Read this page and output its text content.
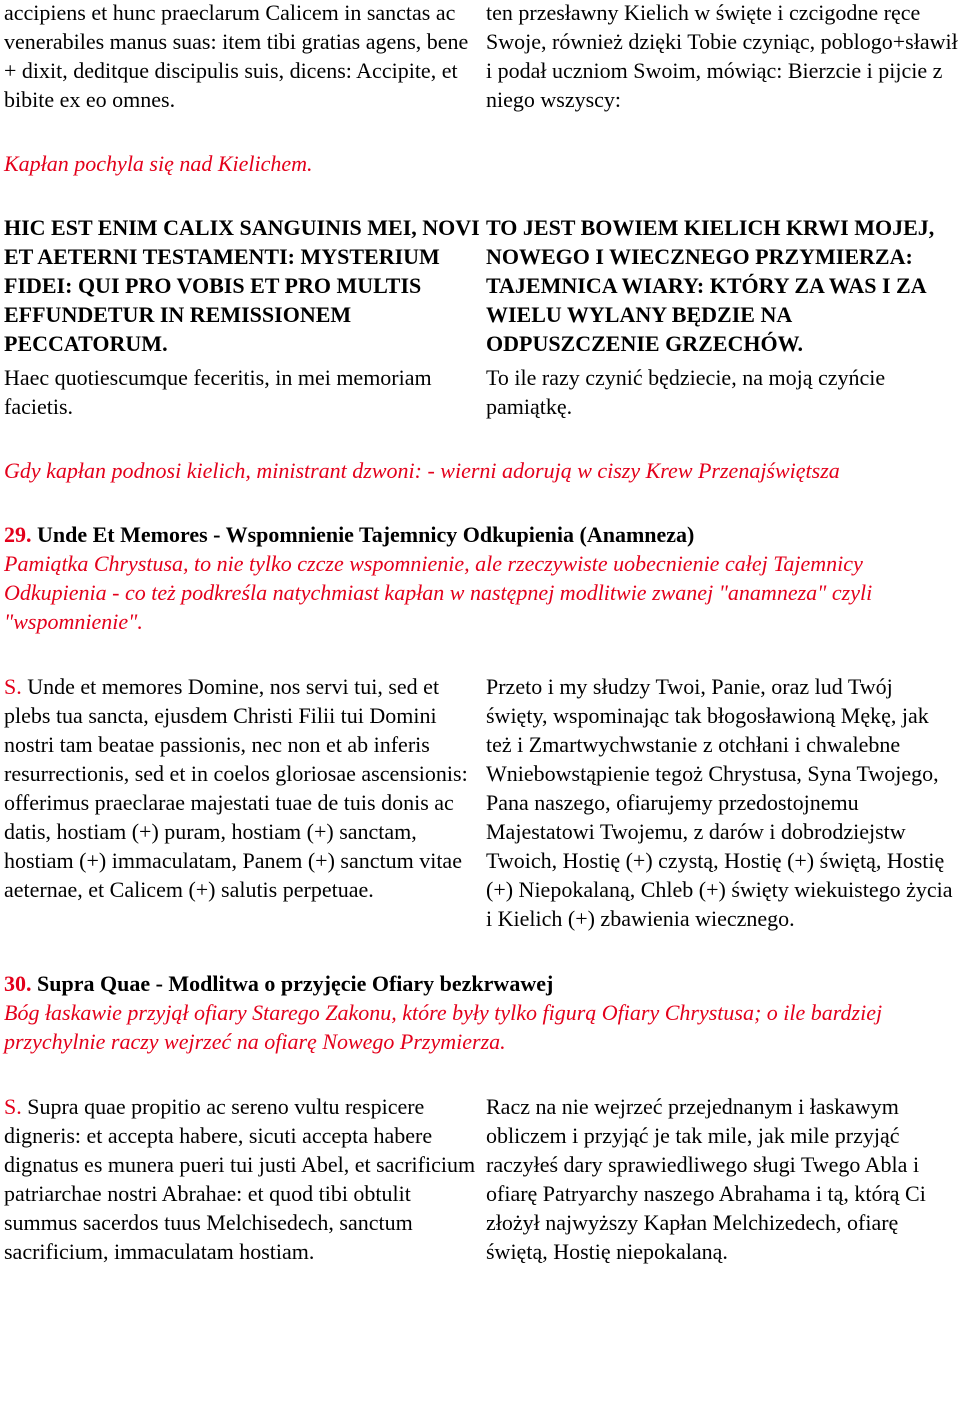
accipiens et hunc praeclarum Calicem in sanctas ac venerabiles manus suas: item tibi gratias agens, bene + dixit, deditque discipulis suis, dicens: Accipite, et bibite ex eo omnes.

ten przesławny Kielich w święte i czcigodne ręce Swoje, również dzięki Tobie czyniąc, poblogo+sławił i podał uczniom Swoim, mówiąc: Bierzcie i pijcie z niego wszyscy:

Kapłan pochyla się nad Kielichem.

HIC EST ENIM CALIX SANGUINIS MEI, NOVI ET AETERNI TESTAMENTI: MYSTERIUM FIDEI: QUI PRO VOBIS ET PRO MULTIS EFFUNDETUR IN REMISSIONEM PECCATORUM.

TO JEST BOWIEM KIELICH KRWI MOJEJ, NOWEGO I WIECZNEGO PRZYMIERZA: TAJEMNICA WIARY: KTÓRY ZA WAS I ZA WIELU WYLANY BĘDZIE NA ODPUSZCZENIE GRZECHÓW.

Haec quotiescumque feceritis, in mei memoriam facietis.

To ile razy czynić będziecie, na moją czyńcie pamiątkę.

Gdy kapłan podnosi kielich, ministrant dzwoni: - wierni adorują w ciszy Krew Przenajświętsza

29. Unde Et Memores - Wspomnienie Tajemnicy Odkupienia (Anamneza)

Pamiątka Chrystusa, to nie tylko czcze wspomnienie, ale rzeczywiste uobecnienie całej Tajemnicy Odkupienia - co też podkreśla natychmiast kapłan w następnej modlitwie zwanej "anamneza" czyli "wspomnienie".

S. Unde et memores Domine, nos servi tui, sed et plebs tua sancta, ejusdem Christi Filii tui Domini nostri tam beatae passionis, nec non et ab inferis resurrectionis, sed et in coelos gloriosae ascensionis: offerimus praeclarae majestati tuae de tuis donis ac datis, hostiam (+) puram, hostiam (+) sanctam, hostiam (+) immaculatam, Panem (+) sanctum vitae aeternae, et Calicem (+) salutis perpetuae.

Przeto i my słudzy Twoi, Panie, oraz lud Twój święty, wspominając tak błogosławioną Mękę, jak też i Zmartwychwstanie z otchłani i chwalebne Wniebowstąpienie tegoż Chrystusa, Syna Twojego, Pana naszego, ofiarujemy przedostojnemu Majestatowi Twojemu, z darów i dobrodziejstw Twoich, Hostię (+) czystą, Hostię (+) świętą, Hostię (+) Niepokalaną, Chleb (+) święty wiekuistego życia i Kielich (+) zbawienia wiecznego.

30. Supra Quae - Modlitwa o przyjęcie Ofiary bezkrwawej

Bóg łaskawie przyjął ofiary Starego Zakonu, które były tylko figurą Ofiary Chrystusa; o ile bardziej przychylnie raczy wejrzeć na ofiarę Nowego Przymierza.

S. Supra quae propitio ac sereno vultu respicere digneris: et accepta habere, sicuti accepta habere dignatus es munera pueri tui justi Abel, et sacrificium patriarchae nostri Abrahae: et quod tibi obtulit summus sacerdos tuus Melchisedech, sanctum sacrificium, immaculatam hostiam.

Racz na nie wejrzeć przejednanym i łaskawym obliczem i przyjąć je tak mile, jak mile przyjąć raczyłeś dary sprawiedliwego sługi Twego Abla i ofiarę Patryarchy naszego Abrahama i tą, którą Ci złożył najwyższy Kapłan Melchizedech, ofiarę świętą, Hostię niepokalaną.
